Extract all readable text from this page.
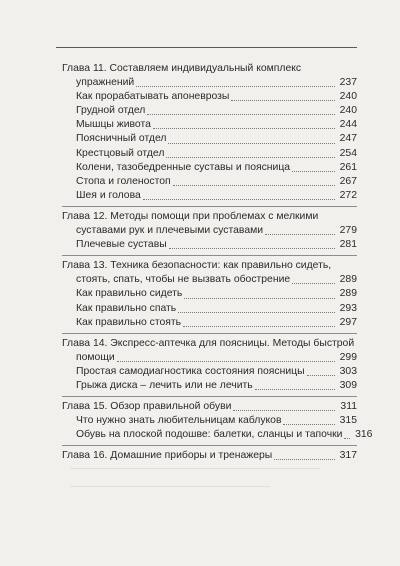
Глава 11. Составляем индивидуальный комплекс
упражнений	237
Как прорабатывать апоневрозы	240
Грудной отдел	240
Мышцы живота	244
Поясничный отдел	247
Крестцовый отдел	254
Колени, тазобедренные суставы и поясница	261
Стопа и голеностоп	267
Шея и голова	272
Глава 12. Методы помощи при проблемах с мелкими
суставами рук и плечевыми суставами	279
Плечевые суставы	281
Глава 13. Техника безопасности: как правильно сидеть,
стоять, спать, чтобы не вызвать обострение	289
Как правильно сидеть	289
Как правильно спать	293
Как правильно стоять	297
Глава 14. Экспресс-аптечка для поясницы. Методы быстрой
помощи	299
Простая самодиагностика состояния поясницы	303
Грыжа диска – лечить или не лечить	309
Глава 15. Обзор правильной обуви	311
Что нужно знать любительницам каблуков	315
Обувь на плоской подошве: балетки, сланцы и тапочки 316
Глава 16. Домашние приборы и тренажеры	317
